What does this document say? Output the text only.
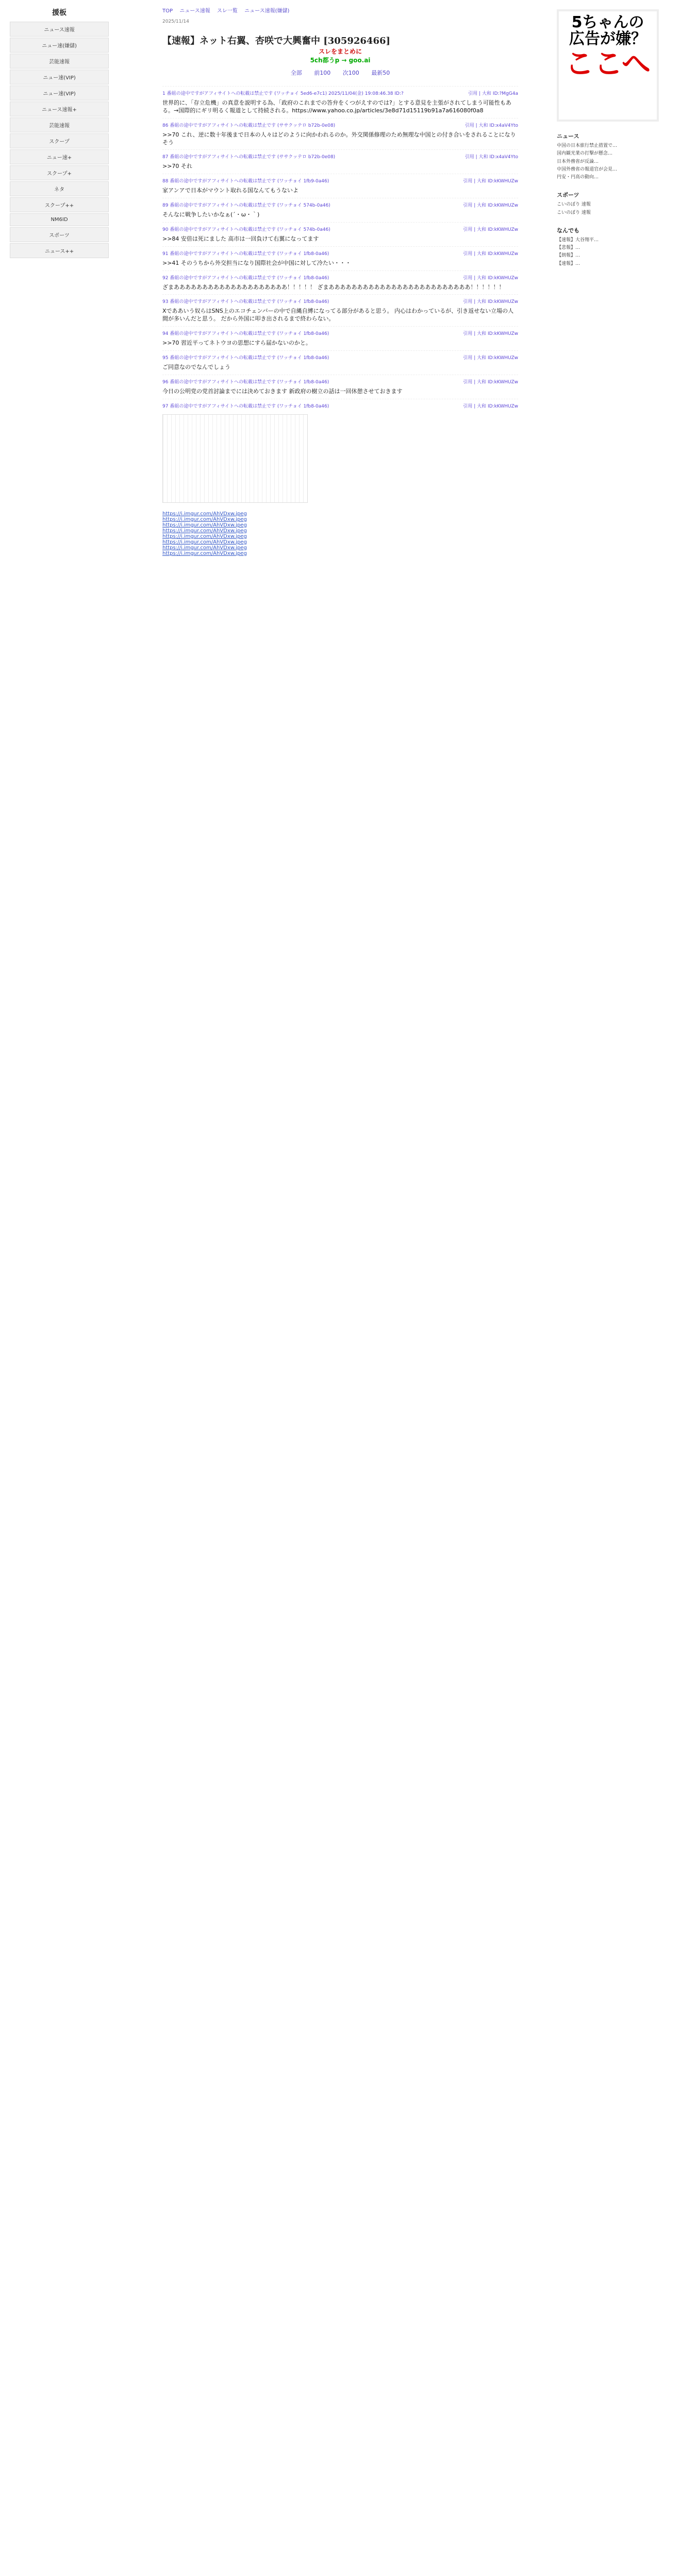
援板
ニュース速報
ニュー速(嫌儲)
芸能速報
ニュー速(VIP)
ニュー速(VIP)
ニュース速報+
芸能速報
スクープ
ニュー速+
スクープ+
ネタ
スクープ++
NM6ID
スポーツ
ニュース++
TOP ニュース速報 スレ一覧 ニュース速報(嫌儲)
2025/11/14
【速報】ネット右翼、杏咲で大興奮中 [305926466]
スレをまとめに
5ch都うp → goo.ai
全部 前100 次100 最新50
1 番組の途中ですがアフィサイトへの転載は禁止です (ワッチョイ 5ed6-e7c1) 2025/11/04(金) 19:08:46.38 ID:?	引用 | 大和 ID:?MgG4a
世界的に、「存立危機」の真意を説明する為、「政府のこれまでの答弁をくつがえすのでは?」とする意見を主張がされてしまう可能性もある。→国際的にギリ明るく報道として持続される。https://www.yahoo.co.jp/articles/3e8d71d15119b91a7a616080f0a8
86 番組の途中ですがアフィサイトへの転載は禁止です (ササクッテロ b72b-0e08)	引用 | 大和 ID:x4aV4Yto
>>70 これ、逆に数十年後まで日本の人々はどのように向かわれるのか。外交関係修理のため無理な中国との付き合いをされることになりそう
87 番組の途中ですがアフィサイトへの転載は禁止です (ササクッテロ b72b-0e08)	引用 | 大和 ID:x4aV4Yto
>>70 それ
88 番組の途中ですがアフィサイトへの転載は禁止です (ワッチョイ 1fb9-0a46)	引用 | 大和 ID:kKWHUZw
家アンアで日本がマウント取れる国なんてもうないよ
89 番組の途中ですがアフィサイトへの転載は禁止です (ワッチョイ 574b-0a46)	引用 | 大和 ID:kKWHUZw
そんなに戦争したいかなぁ(´・ω・｀)
90 番組の途中ですがアフィサイトへの転載は禁止です (ワッチョイ 574b-0a46)	引用 | 大和 ID:kKWHUZw
>>84 安倍は死にました 高市は一回負けて右翼になってます
91 番組の途中ですがアフィサイトへの転載は禁止です (ワッチョイ 1fb8-0a46)	引用 | 大和 ID:kKWHUZw
>>41 そのうちから外交担当になり国際社会が中国に対して冷たい・・・
92 番組の途中ですがアフィサイトへの転載は禁止です (ワッチョイ 1fb8-0a46)	引用 | 大和 ID:kKWHUZw
ざまああああああああああああああああああああ！！！！！ ざまあああああああああああああああああああああああああ！！！！！！
93 番組の途中ですがアフィサイトへの転載は禁止です (ワッチョイ 1fb8-0a46)	引用 | 大和 ID:kKWHUZw
Xでああいう奴らはSNS上のエコチェンバーの中で自縄自縛になってる部分があると思う。 内心はわかっているが、引き返せない立場の人間が多いんだと思う。 だから外国に叩き出されるまで終わらない。
94 番組の途中ですがアフィサイトへの転載は禁止です (ワッチョイ 1fb8-0a46)	引用 | 大和 ID:kKWHUZw
>>70 習近平ってネトウヨの思想にすら届かないのかと。
95 番組の途中ですがアフィサイトへの転載は禁止です (ワッチョイ 1fb8-0a46)	引用 | 大和 ID:kKWHUZw
ご同意なのでなんでしょう
96 番組の途中ですがアフィサイトへの転載は禁止です (ワッチョイ 1fb8-0a46)	引用 | 大和 ID:kKWHUZw
今日の公明党の党首討論までには決めておきます 新政府の樹立の話は一回休憩させておきます
97 番組の途中ですがアフィサイトへの転載は禁止です (ワッチョイ 1fb8-0a46)	引用 | 大和 ID:kKWHUZw
https://i.imgur.com/AhVDxw.jpeg
https://i.imgur.com/AhVDxw.jpeg
https://i.imgur.com/AhVDxw.jpeg
https://i.imgur.com/AhVDxw.jpeg
https://i.imgur.com/AhVDxw.jpeg
https://i.imgur.com/AhVDxw.jpeg
https://i.imgur.com/AhVDxw.jpeg
https://i.imgur.com/AhVDxw.jpeg
5ちゃんの
広告が嫌？
ここへ
ニュース
中国の日本旅行禁止措置で…
国内観光業の打撃が懸念…
日本外務省が反論…
中国外務省の報道官が会見…
円安・円高の動向…
スポーツ
こいのぼり 速報
こいのぼり 速報
なんでも
【速報】大谷翔平…
【悲報】…
【朗報】…
【速報】…
